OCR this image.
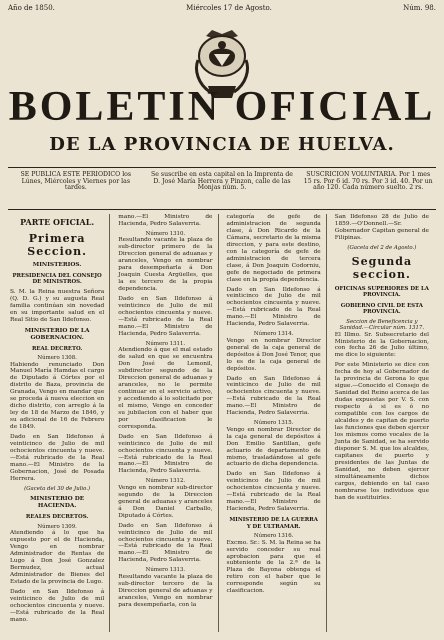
Año de 1850.	Miércoles 17 de Agosto.	Núm. 98.
BOLETIN OFICIAL
DE LA PROVINCIA DE HUELVA.
SE PUBLICA ESTE PERIODICO los Lúnes, Miércoles y Viernes por las tardes.
Se suscribe en esta capital en la Imprenta de D. José María Herrera y Pinzon, calle de las Monjas núm. 5.
SUSCRICION VOLUNTARIA. Por 1 mes 15 rs. Por 6 id. 70 rs. Por 3 id. 40. Por un año 120. Cada número suelto. 2 rs.
PARTE OFICIAL.
Primera Seccion.
MINISTERIOS.
PRESIDENCIA DEL CONSEJO DE MINISTROS.

S. M. la Reina nuestra Señora (Q. D. G.) y su augusta Real familia continúan sin novedad en su importante salud en el Real Sitio de San Ildefonso.

MINISTERIO DE LA GOBERNACION.
REAL DECRETO.
Número 1308.

Habiendo renunciado Don Manuel María Hamdas el cargo de Diputado á Córtes por el distrito de Baza, provincia de Granada, Vengo en mandar que se proceda á nueva eleccion en dicho distrito, con arreglo á la ley de 18 de Marzo de 1846, y su adicional de 16 de Febrero de 1849.

Dado en San Ildefonso á veinticinco de Julio de mil ochocientos cincuenta y nueve.—Está rubricado de la Real mano.—El Ministro de la Gobernacion, José de Posada Herrera.

(Gaceta del 30 de Julio.)
MINISTERIO DE HACIENDA.
REALES DECRETOS.
Número 1309.

Atendiendo á lo que ha expuesto por el de Hacienda, Vengo en nombrar Administrador de Rentas de Lugo á Don José Gonzalez Bermudez, actual Administrador de Bienes del Estado de la provincia de Lugo.

Dado en San Ildefonso á veinticinco de Julio de mil ochocientos cincuenta y nueve.—Está rubricado de la Real mano.

mano.—El Ministro de Hacienda, Pedro Salaverria.

Número 1310.

Resultando vacante la plaza de sub-director primero de la Direccion general de aduanas y aranceles, Vengo en nombrar para desempeñarla á Don Joaquin Cuesta Argüelles, que la es tercero de la propia dependencia.

Dado en San Ildefonso á veinticinco de Julio de mil ochocientos cincuenta y nueve.—Está rubricado de la Real mano.—El Ministro de Hacienda, Pedro Salaverria.

Número 1311.

Atendiendo á que el mal estado de salud en que se encuentra Don José de Lemonil, subdirector segundo de la Direccion general de aduanas y aranceles, no le permite continuar en el servicio activo, y accediendo á lo solicitado por el mismo, Vengo en conceder su jubilacion con el haber que por clasificacion le corresponda.

Dado en San Ildefonso á veinticinco de Julio de mil ochocientos cincuenta y nueve.—Está rubricado de la Real mano.—El Ministro de Hacienda, Pedro Salaverria.

Número 1312.

Vengo en nombrar sub-director segundo de la Direccion general de aduanas y aranceles á Don Daniel Carballo, Diputado á Córtes.

Dado en San Ildefonso á veinticinco de Julio de mil ochocientos cincuenta y nueve.—Está rubricado de la Real mano.—El Ministro de Hacienda, Pedro Salaverria.

Número 1313.

Resultando vacante la plaza de sub-director tercero de la Direccion general de aduanas y aranceles, Vengo en nombrar para desempeñarla, con la

categoría de gefe de administracion de segunda clase, á Don Ricardo de la Cámara, secretario de la misma direccion, y para este destino, con la categoría de gefe de administracion de tercera clase, á Don Joaquin Codorniu, gefe de negociado de primera clase en la propia dependencia.

Dado en San Ildefonso á veinticinco de Julio de mil ochocientos cincuenta y nueve.—Está rubricado de la Real mano.—El Ministro de Hacienda, Pedro Salaverria.

Número 1314.

Vengo en nombrar Director general de la caja general de depósitos á Don José Tenor, que lo es de la caja general de depósitos.

Dado en San Ildefonso á veinticinco de Julio de mil ochocientos cincuenta y nueve.—Está rubricado de la Real mano.—El Ministro de Hacienda, Pedro Salaverria.

Número 1315.

Vengo en nombrar Director de la caja general de depósitos á Don Emilio Santillan, gefe actuario de departamento de mismo, trasladándose al gefe actuario de dicha dependencia.

Dado en San Ildefonso á veinticinco de Julio de mil ochocientos cincuenta y nueve.—Está rubricado de la Real mano.—El Ministro de Hacienda, Pedro Salaverria.

MINISTERIO DE LA GUERRA Y DE ULTRAMAR.
Número 1316.

Excmo. Sr.: S. M. la Reina se ha servido conceder su real aprobacion para que el subteniente de la 2.ª de la Plaza de Bayona obtenga el retiro con el haber que le corresponde según su clasificacion.

San Ildefonso 28 de Julio de 1859.—O'Donnell.—Sr. Gobernador Capitan general de Filipinas.

(Gaceta del 2 de Agosto.)
Segunda seccion.
OFICINAS SUPERIORES DE LA PROVINCIA.
GOBIERNO CIVIL DE ESTA PROVINCIA.
Seccion de Beneficencia y Sanidad.—Circular núm. 1317.

El Illmo. Sr. Subsecretario del Ministerio de la Gobernacion, con fecha 26 de Julio último, me dice lo siguiente:

Por este Ministerio se dice con fecha de hoy al Gobernador de la provincia de Gerona lo que sigue.—Conocido el Consejo de Sanidad del Reino acerca de las dudas expuestas por V. S. con respecto á si es ó no compatible con los cargos de alcaldes y de capitan de puerto las funciones que deben ejercer los mismos como vocales de la Junta de Sanidad, se ha servido disponer S. M. que los alcaldes, capitanes de puerto y presidentes de las Juntas de Sanidad, no deben ejercer simultáneamente dichos cargos, debiendo en tal caso nombrarse los individuos que han de sustituirles.
